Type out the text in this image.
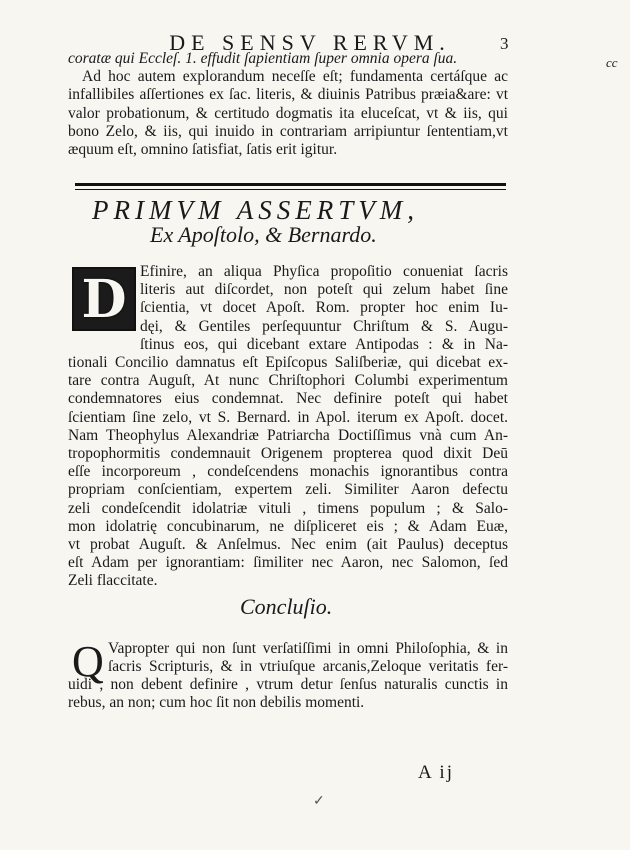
DE SENSV RERVM.	3
cc
coratæ qui Eccleſ. 1. effudit ſapientiam ſuper omnia opera ſua.
Ad hoc autem explorandum neceſſe eſt; fundamenta certáſque ac
infallibiles aſſertiones ex ſac. literis, & diuinis Patribus præia&are: vt
valor probationum, & certitudo dogmatis ita eluceſcat, vt & iis, qui
bono Zelo, & iis, qui inuido in contrariam arripiuntur ſententiam,vt
æquum eſt, omnino ſatisfiat, ſatis erit igitur.
PRIMVM ASSERTVM,
Ex Apoſtolo, & Bernardo.
D Efinire, an aliqua Phyſica propoſitio conueniat ſacris
literis aut diſcordet, non poteſt qui zelum habet ſine
ſcientia, vt docet Apoſt. Rom. propter hoc enim Iu-
dęi, & Gentiles perſequuntur Chriſtum & S. Augu-
ſtinus eos, qui dicebant extare Antipodas : & in Na-
tionali Concilio damnatus eſt Epiſcopus Saliſberiæ, qui dicebat ex-
tare contra Auguſt, At nunc Chriſtophori Columbi experimentum
condemnatores eius condemnat. Nec definire poteſt qui habet
ſcientiam ſine zelo, vt S. Bernard. in Apol. iterum ex Apoſt. docet.
Nam Theophylus Alexandriæ Patriarcha Doctiſſimus vnà cum An-
tropophormitis condemnauit Origenem propterea quod dixit Deū
eſſe incorporeum , condeſcendens monachis ignorantibus contra
propriam conſcientiam, expertem zeli. Similiter Aaron defectu
zeli condeſcendit idolatriæ vituli , timens populum ; & Salo-
mon idolatrię concubinarum, ne diſpliceret eis ; & Adam Euæ,
vt probat Auguſt. & Anſelmus. Nec enim (ait Paulus) deceptus
eſt Adam per ignorantiam: ſimiliter nec Aaron, nec Salomon, ſed
Zeli flaccitate.
Concluſio.
Q Vapropter qui non ſunt verſatiſſimi in omni Philoſophia, & in
ſacris Scripturis, & in vtriuſque arcanis,Zeloque veritatis fer-
uidi , non debent definire , vtrum detur ſenſus naturalis cunctis in
rebus, an non; cum hoc ſit non debilis momenti.
A ij
✓
